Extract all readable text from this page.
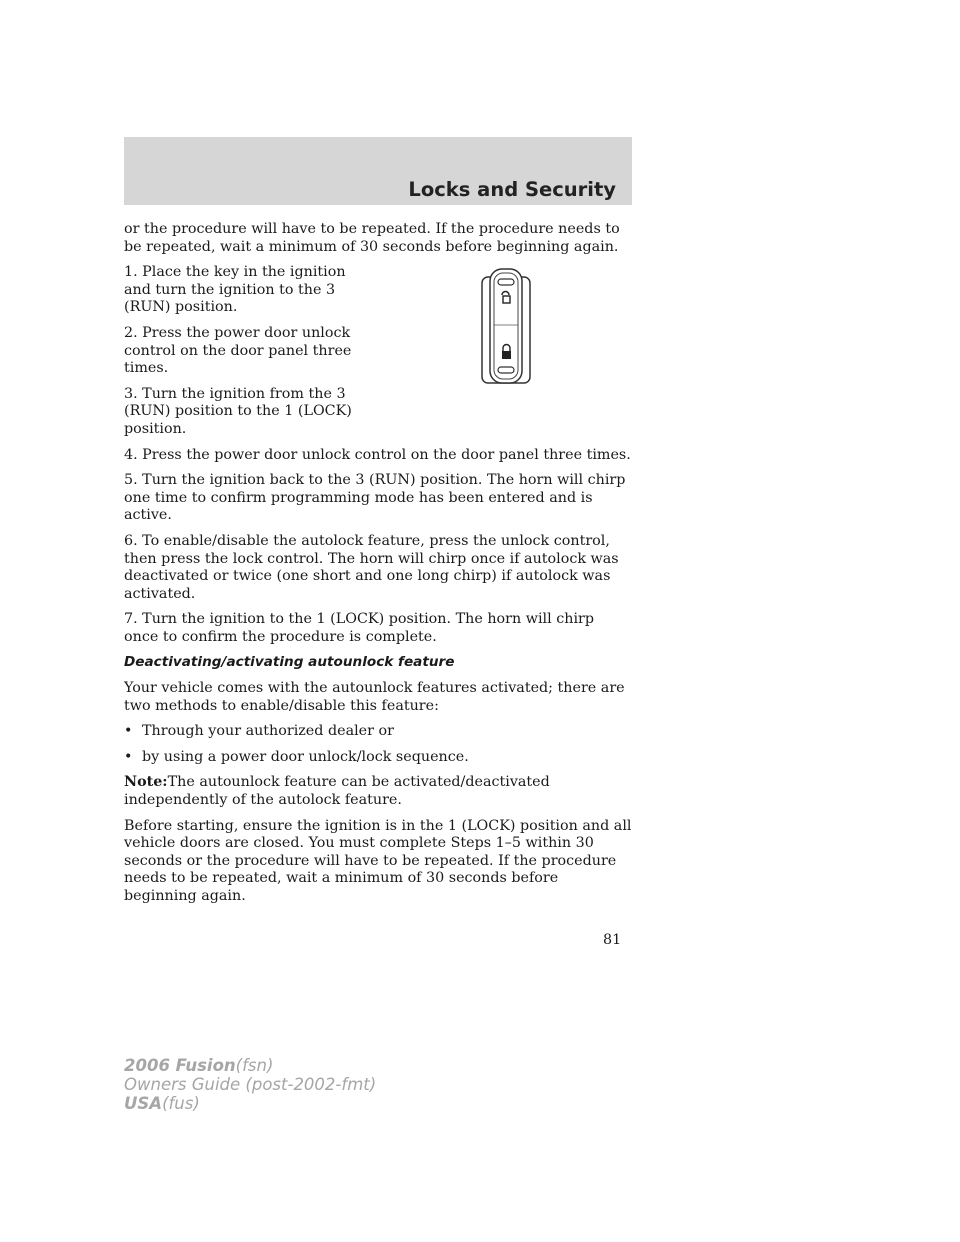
Locks and Security

or the procedure will have to be repeated. If the procedure needs to be repeated, wait a minimum of 30 seconds before beginning again.

1. Place the key in the ignition and turn the ignition to the 3 (RUN) position.

2. Press the power door unlock control on the door panel three times.

3. Turn the ignition from the 3 (RUN) position to the 1 (LOCK) position.

4. Press the power door unlock control on the door panel three times.

5. Turn the ignition back to the 3 (RUN) position. The horn will chirp one time to confirm programming mode has been entered and is active.

6. To enable/disable the autolock feature, press the unlock control, then press the lock control. The horn will chirp once if autolock was deactivated or twice (one short and one long chirp) if autolock was activated.

7. Turn the ignition to the 1 (LOCK) position. The horn will chirp once to confirm the procedure is complete.

Deactivating/activating autounlock feature

Your vehicle comes with the autounlock features activated; there are two methods to enable/disable this feature:

• Through your authorized dealer or
• by using a power door unlock/lock sequence.

Note:The autounlock feature can be activated/deactivated independently of the autolock feature.

Before starting, ensure the ignition is in the 1 (LOCK) position and all vehicle doors are closed. You must complete Steps 1–5 within 30 seconds or the procedure will have to be repeated. If the procedure needs to be repeated, wait a minimum of 30 seconds before beginning again.

81
2006 Fusion(fsn)
Owners Guide (post-2002-fmt)
USA(fus)
